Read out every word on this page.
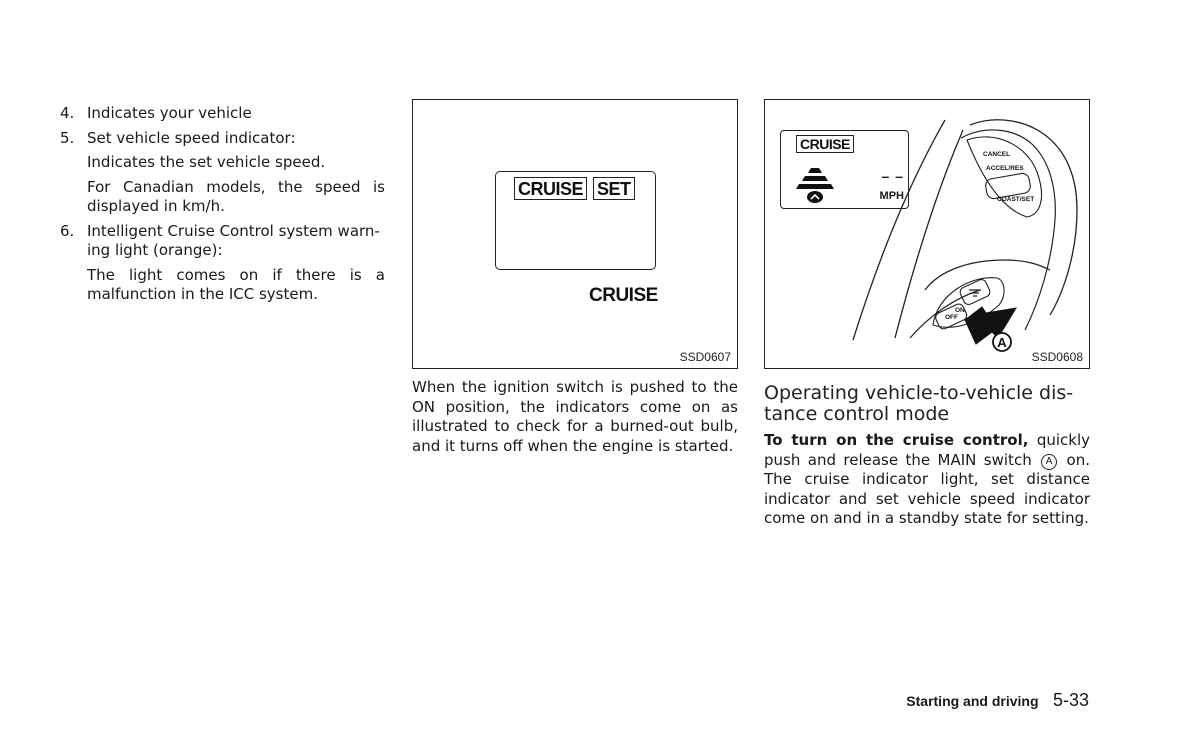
4. Indicates your vehicle
5. Set vehicle speed indicator:
Indicates the set vehicle speed.
For Canadian models, the speed is displayed in km/h.
6. Intelligent Cruise Control system warn-ing light (orange):
The light comes on if there is a malfunction in the ICC system.
CRUISE SET
CRUISE
SSD0607
A
CANCEL
ACCEL/RES
COAST/SET
ON
OFF
CRUISE
– –
MPH
SSD0608
When the ignition switch is pushed to the ON position, the indicators come on as illustrated to check for a burned-out bulb, and it turns off when the engine is started.
Operating vehicle-to-vehicle dis-tance control mode
To turn on the cruise control, quickly push and release the MAIN switch A on. The cruise indicator light, set distance indicator and set vehicle speed indicator come on and in a standby state for setting.
Starting and driving 5-33
